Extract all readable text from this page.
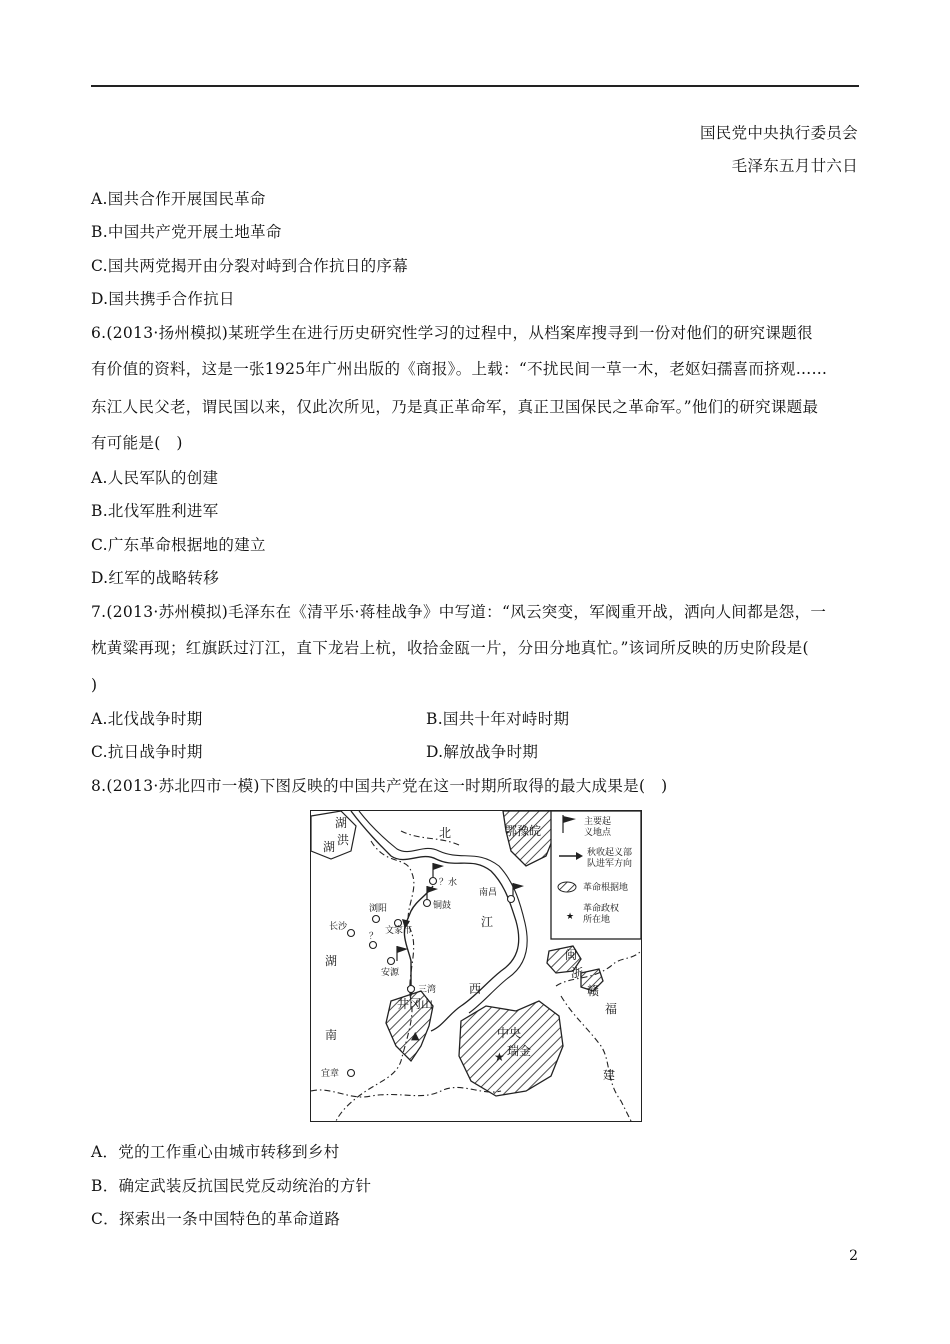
国民党中央执行委员会
毛泽东五月廿六日
A.国共合作开展国民革命
B.中国共产党开展土地革命
C.国共两党揭开由分裂对峙到合作抗日的序幕
D.国共携手合作抗日
6.(2013·扬州模拟)某班学生在进行历史研究性学习的过程中，从档案库搜寻到一份对他们的研究课题很
有价值的资料，这是一张1925年广州出版的《商报》。上载：“不扰民间一草一木，老妪妇孺喜而挤观……
东江人民父老，谓民国以来，仅此次所见，乃是真正革命军，真正卫国保民之革命军。”他们的研究课题最
有可能是(　)
A.人民军队的创建
B.北伐军胜利进军
C.广东革命根据地的建立
D.红军的战略转移
7.(2013·苏州模拟)毛泽东在《清平乐·蒋桂战争》中写道：“风云突变，军阀重开战，洒向人间都是怨，一
枕黄粱再现；红旗跃过汀江，直下龙岩上杭，收拾金瓯一片，分田分地真忙。”该词所反映的历史阶段是(
)
A.北伐战争时期	B.国共十年对峙时期
C.抗日战争时期	D.解放战争时期
8.(2013·苏北四市一模)下图反映的中国共产党在这一时期所取得的最大成果是(　)
主要起
义地点
秋收起义部
队进军方向
革命根据地
★
革命政权
所在地
▲
★
湖
洪
湖
北	鄂豫皖
江
西
湖
南
闽
浙
赣
福
建
？水
铜鼓
南昌
浏阳
长沙	文家市
？
安源
三湾
井冈山
中央
瑞金
宜章
A．党的工作重心由城市转移到乡村
B．确定武装反抗国民党反动统治的方针
C．探索出一条中国特色的革命道路
2
